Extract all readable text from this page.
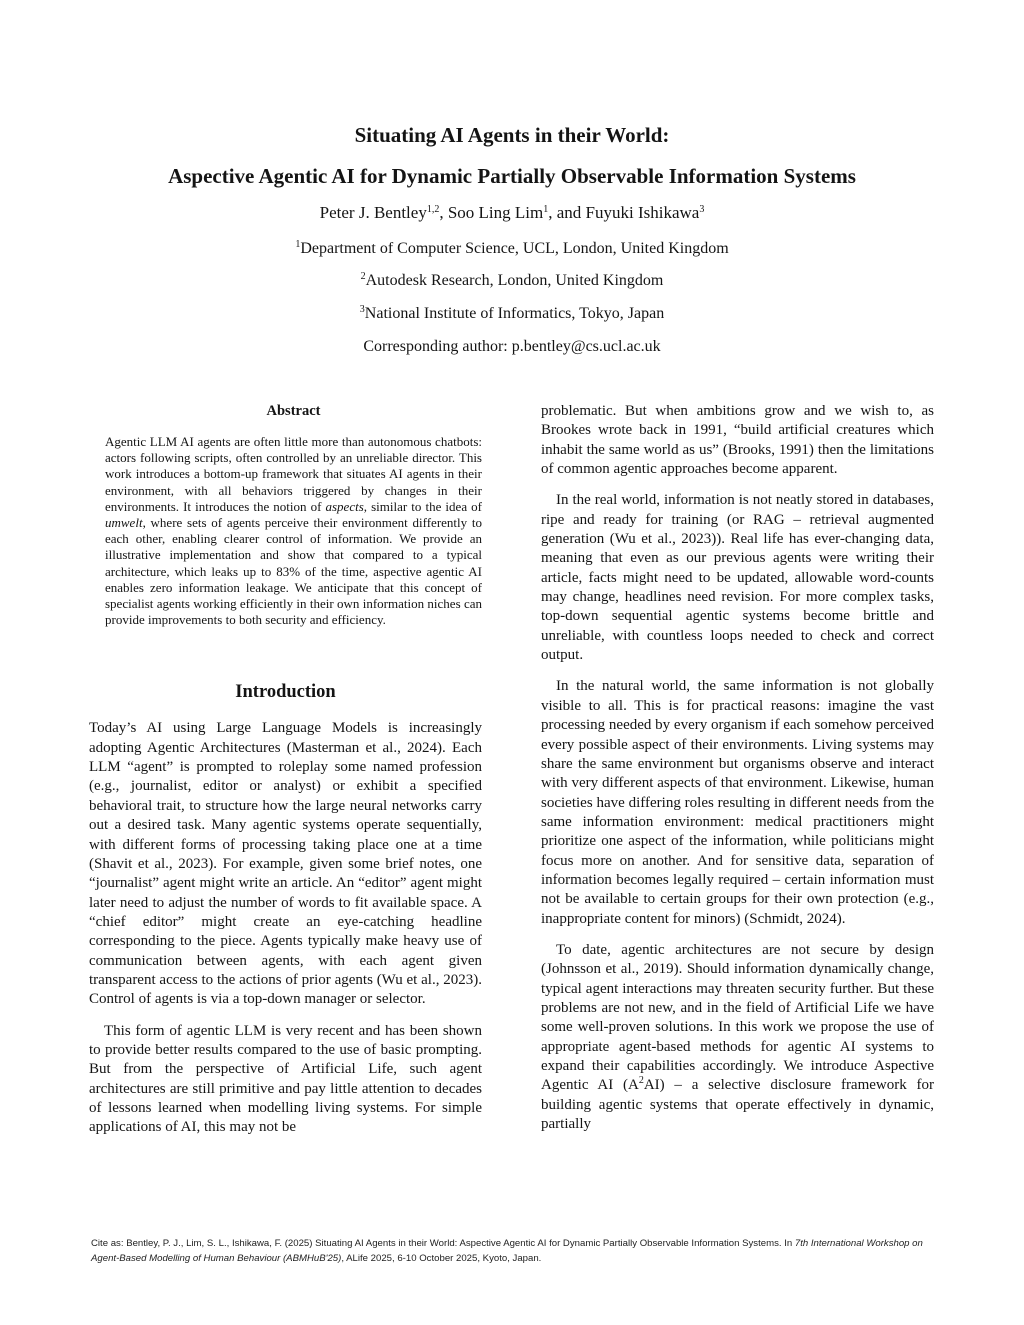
Situating AI Agents in their World:
Aspective Agentic AI for Dynamic Partially Observable Information Systems
Peter J. Bentley$^{1,2}$, Soo Ling Lim$^1$, and Fuyuki Ishikawa$^3$
$^1$Department of Computer Science, UCL, London, United Kingdom
$^2$Autodesk Research, London, United Kingdom
$^3$National Institute of Informatics, Tokyo, Japan
Corresponding author: p.bentley@cs.ucl.ac.uk
Abstract

Agentic LLM AI agents are often little more than autonomous chatbots: actors following scripts, often controlled by an unreliable director. This work introduces a bottom-up framework that situates AI agents in their environment, with all behaviors triggered by changes in their environments. It introduces the notion of aspects, similar to the idea of umwelt, where sets of agents perceive their environment differently to each other, enabling clearer control of information. We provide an illustrative implementation and show that compared to a typical architecture, which leaks up to 83% of the time, aspective agentic AI enables zero information leakage. We anticipate that this concept of specialist agents working efficiently in their own information niches can provide improvements to both security and efficiency.

Introduction

Today’s AI using Large Language Models is increasingly adopting Agentic Architectures (Masterman et al., 2024). Each LLM “agent” is prompted to roleplay some named profession (e.g., journalist, editor or analyst) or exhibit a specified behavioral trait, to structure how the large neural networks carry out a desired task. Many agentic systems operate sequentially, with different forms of processing taking place one at a time (Shavit et al., 2023). For example, given some brief notes, one “journalist” agent might write an article. An “editor” agent might later need to adjust the number of words to fit available space. A “chief editor” might create an eye-catching headline corresponding to the piece. Agents typically make heavy use of communication between agents, with each agent given transparent access to the actions of prior agents (Wu et al., 2023). Control of agents is via a top-down manager or selector.

This form of agentic LLM is very recent and has been shown to provide better results compared to the use of basic prompting. But from the perspective of Artificial Life, such agent architectures are still primitive and pay little attention to decades of lessons learned when modelling living systems. For simple applications of AI, this may not be

problematic. But when ambitions grow and we wish to, as Brookes wrote back in 1991, “build artificial creatures which inhabit the same world as us” (Brooks, 1991) then the limitations of common agentic approaches become apparent.

In the real world, information is not neatly stored in databases, ripe and ready for training (or RAG – retrieval augmented generation (Wu et al., 2023)). Real life has ever-changing data, meaning that even as our previous agents were writing their article, facts might need to be updated, allowable word-counts may change, headlines need revision. For more complex tasks, top-down sequential agentic systems become brittle and unreliable, with countless loops needed to check and correct output.

In the natural world, the same information is not globally visible to all. This is for practical reasons: imagine the vast processing needed by every organism if each somehow perceived every possible aspect of their environments. Living systems may share the same environment but organisms observe and interact with very different aspects of that environment. Likewise, human societies have differing roles resulting in different needs from the same information environment: medical practitioners might prioritize one aspect of the information, while politicians might focus more on another. And for sensitive data, separation of information becomes legally required – certain information must not be available to certain groups for their own protection (e.g., inappropriate content for minors) (Schmidt, 2024).

To date, agentic architectures are not secure by design (Johnsson et al., 2019). Should information dynamically change, typical agent interactions may threaten security further. But these problems are not new, and in the field of Artificial Life we have some well-proven solutions. In this work we propose the use of appropriate agent-based methods for agentic AI systems to expand their capabilities accordingly. We introduce Aspective Agentic AI $(A^2AI)$ – a selective disclosure framework for building agentic systems that operate effectively in dynamic, partially

Cite as: Bentley, P. J., Lim, S. L., Ishikawa, F. (2025) Situating AI Agents in their World: Aspective Agentic AI for Dynamic Partially Observable Information Systems. In 7th International Workshop on Agent-Based Modelling of Human Behaviour (ABMHuB'25), ALife 2025, 6-10 October 2025, Kyoto, Japan.
